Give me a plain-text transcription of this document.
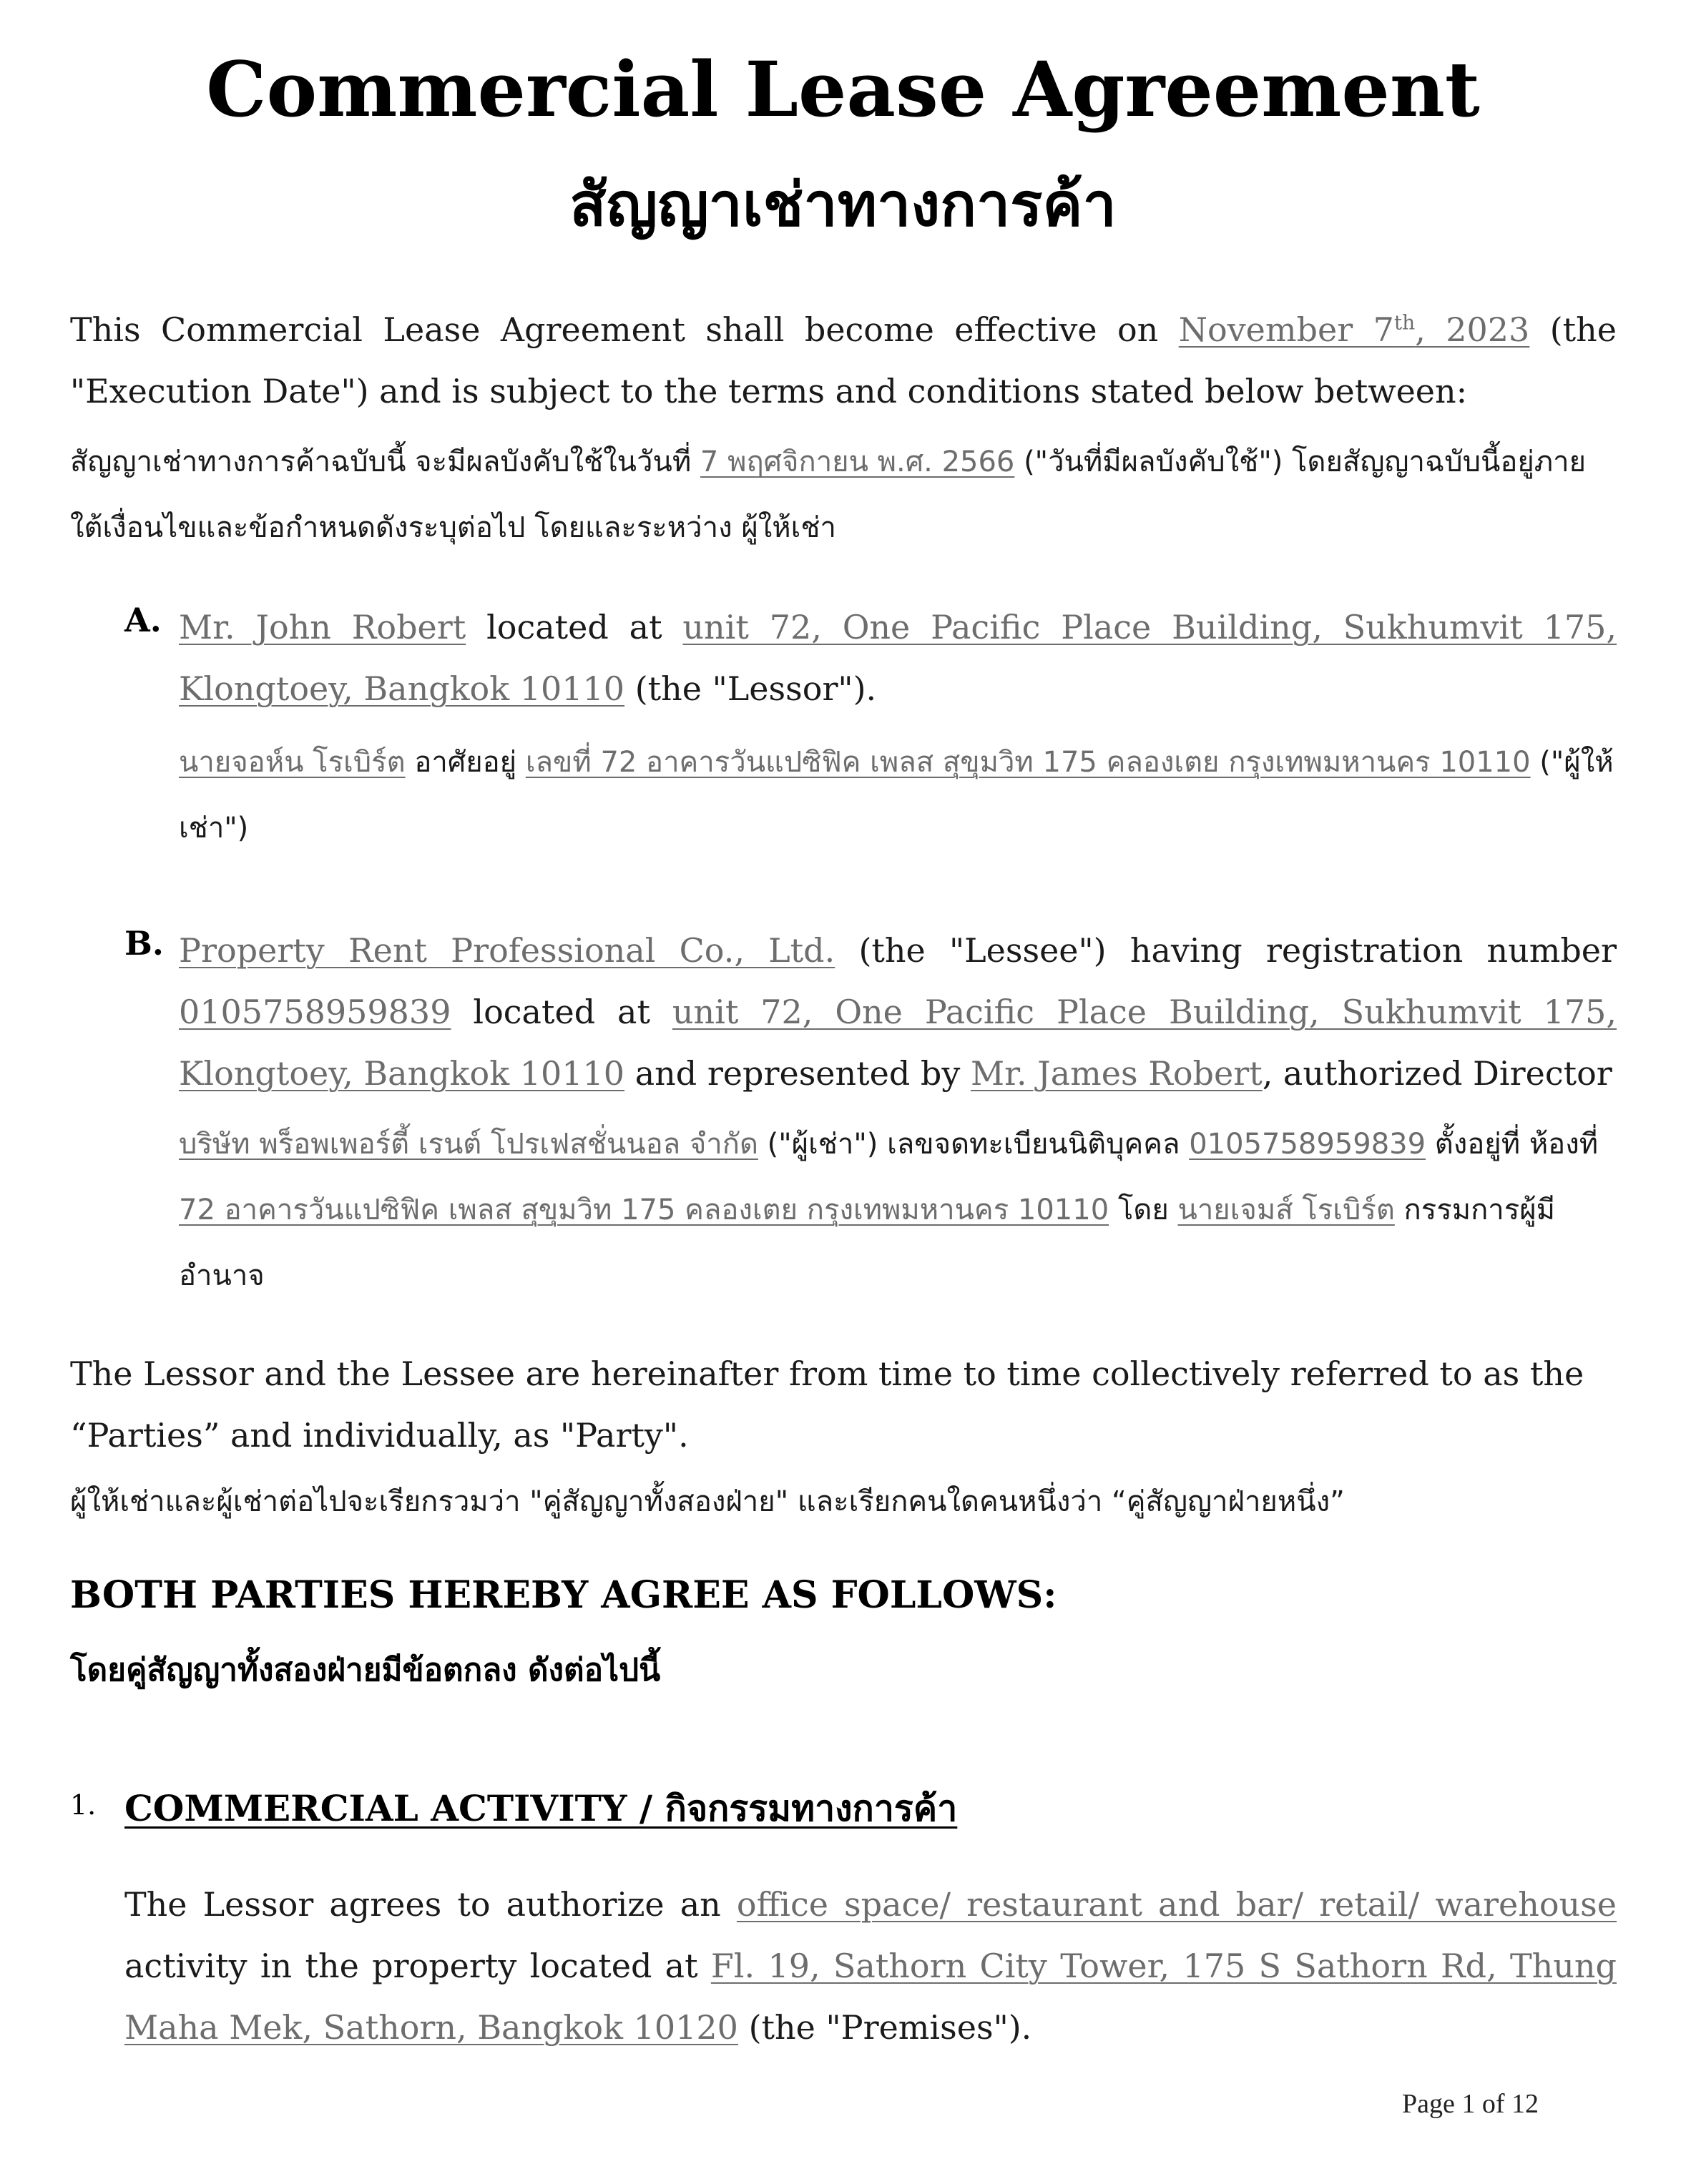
Commercial Lease Agreement
สัญญาเช่าทางการค้า
This Commercial Lease Agreement shall become effective on November 7th, 2023 (the "Execution Date") and is subject to the terms and conditions stated below between:
สัญญาเช่าทางการค้าฉบับนี้ จะมีผลบังคับใช้ในวันที่ 7 พฤศจิกายน พ.ศ. 2566 ("วันที่มีผลบังคับใช้") โดยสัญญาฉบับนี้อยู่ภายใต้เงื่อนไขและข้อกำหนดดังระบุต่อไป โดยและระหว่าง ผู้ให้เช่า
A. Mr. John Robert located at unit 72, One Pacific Place Building, Sukhumvit 175, Klongtoey, Bangkok 10110 (the "Lessor").
นายจอห์น โรเบิร์ต อาศัยอยู่ เลขที่ 72 อาคารวันแปซิฟิค เพลส สุขุมวิท 175 คลองเตย กรุงเทพมหานคร 10110 ("ผู้ให้เช่า")
B. Property Rent Professional Co., Ltd. (the "Lessee") having registration number 0105758959839 located at unit 72, One Pacific Place Building, Sukhumvit 175, Klongtoey, Bangkok 10110 and represented by Mr. James Robert, authorized Director
บริษัท พร็อพเพอร์ตี้ เรนต์ โปรเฟสชั่นนอล จำกัด ("ผู้เช่า") เลขจดทะเบียนนิติบุคคล 0105758959839 ตั้งอยู่ที่ ห้องที่ 72 อาคารวันแปซิฟิค เพลส สุขุมวิท 175 คลองเตย กรุงเทพมหานคร 10110 โดย นายเจมส์ โรเบิร์ต กรรมการผู้มีอำนาจ
The Lessor and the Lessee are hereinafter from time to time collectively referred to as the “Parties” and individually, as "Party".
ผู้ให้เช่าและผู้เช่าต่อไปจะเรียกรวมว่า "คู่สัญญาทั้งสองฝ่าย" และเรียกคนใดคนหนึ่งว่า “คู่สัญญาฝ่ายหนึ่ง”
BOTH PARTIES HEREBY AGREE AS FOLLOWS:
โดยคู่สัญญาทั้งสองฝ่ายมีข้อตกลง ดังต่อไปนี้
1. COMMERCIAL ACTIVITY / กิจกรรมทางการค้า
The Lessor agrees to authorize an office space/ restaurant and bar/ retail/ warehouse activity in the property located at Fl. 19, Sathorn City Tower, 175 S Sathorn Rd, Thung Maha Mek, Sathorn, Bangkok 10120 (the "Premises").
Page 1 of 12
